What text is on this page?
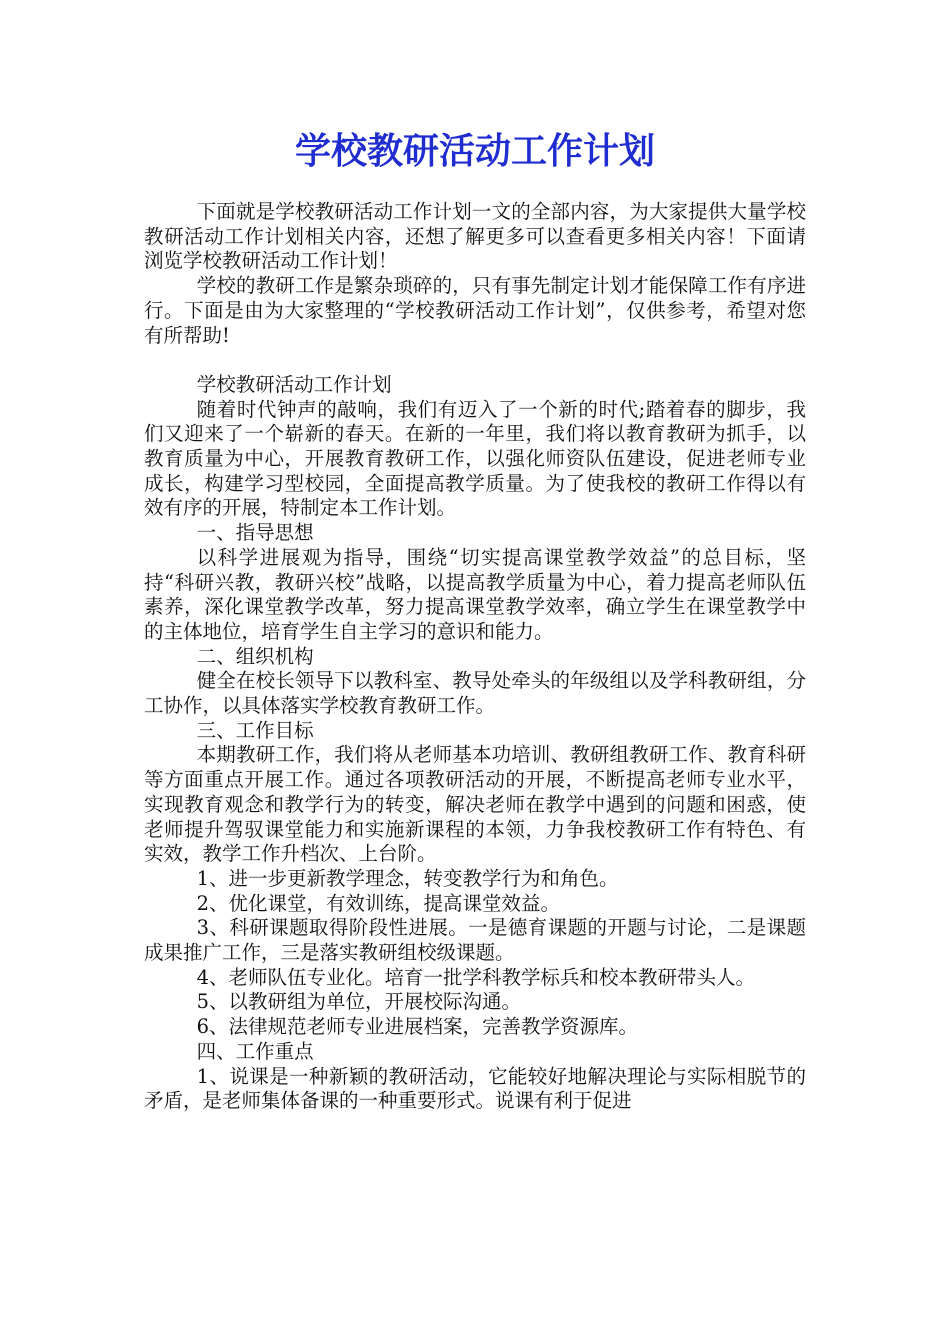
学校教研活动工作计划

下面就是学校教研活动工作计划一文的全部内容，为大家提供大量学校教研活动工作计划相关内容，还想了解更多可以查看更多相关内容！下面请浏览学校教研活动工作计划！

学校的教研工作是繁杂琐碎的，只有事先制定计划才能保障工作有序进行。下面是由为大家整理的“学校教研活动工作计划”，仅供参考，希望对您有所帮助!

学校教研活动工作计划

随着时代钟声的敲响，我们有迈入了一个新的时代;踏着春的脚步，我们又迎来了一个崭新的春天。在新的一年里，我们将以教育教研为抓手，以教育质量为中心，开展教育教研工作，以强化师资队伍建设，促进老师专业成长，构建学习型校园，全面提高教学质量。为了使我校的教研工作得以有效有序的开展，特制定本工作计划。

一、指导思想

以科学进展观为指导，围绕“切实提高课堂教学效益”的总目标，坚持“科研兴教，教研兴校”战略，以提高教学质量为中心，着力提高老师队伍素养，深化课堂教学改革，努力提高课堂教学效率，确立学生在课堂教学中的主体地位，培育学生自主学习的意识和能力。

二、组织机构

健全在校长领导下以教科室、教导处牵头的年级组以及学科教研组，分工协作，以具体落实学校教育教研工作。

三、工作目标

本期教研工作，我们将从老师基本功培训、教研组教研工作、教育科研等方面重点开展工作。通过各项教研活动的开展，不断提高老师专业水平，实现教育观念和教学行为的转变，解决老师在教学中遇到的问题和困惑，使老师提升驾驭课堂能力和实施新课程的本领，力争我校教研工作有特色、有实效，教学工作升档次、上台阶。

1、进一步更新教学理念，转变教学行为和角色。

2、优化课堂，有效训练，提高课堂效益。

3、科研课题取得阶段性进展。一是德育课题的开题与讨论，二是课题成果推广工作，三是落实教研组校级课题。

4、老师队伍专业化。培育一批学科教学标兵和校本教研带头人。

5、以教研组为单位，开展校际沟通。

6、法律规范老师专业进展档案，完善教学资源库。

四、工作重点

1、说课是一种新颖的教研活动，它能较好地解决理论与实际相脱节的矛盾，是老师集体备课的一种重要形式。说课有利于促进
